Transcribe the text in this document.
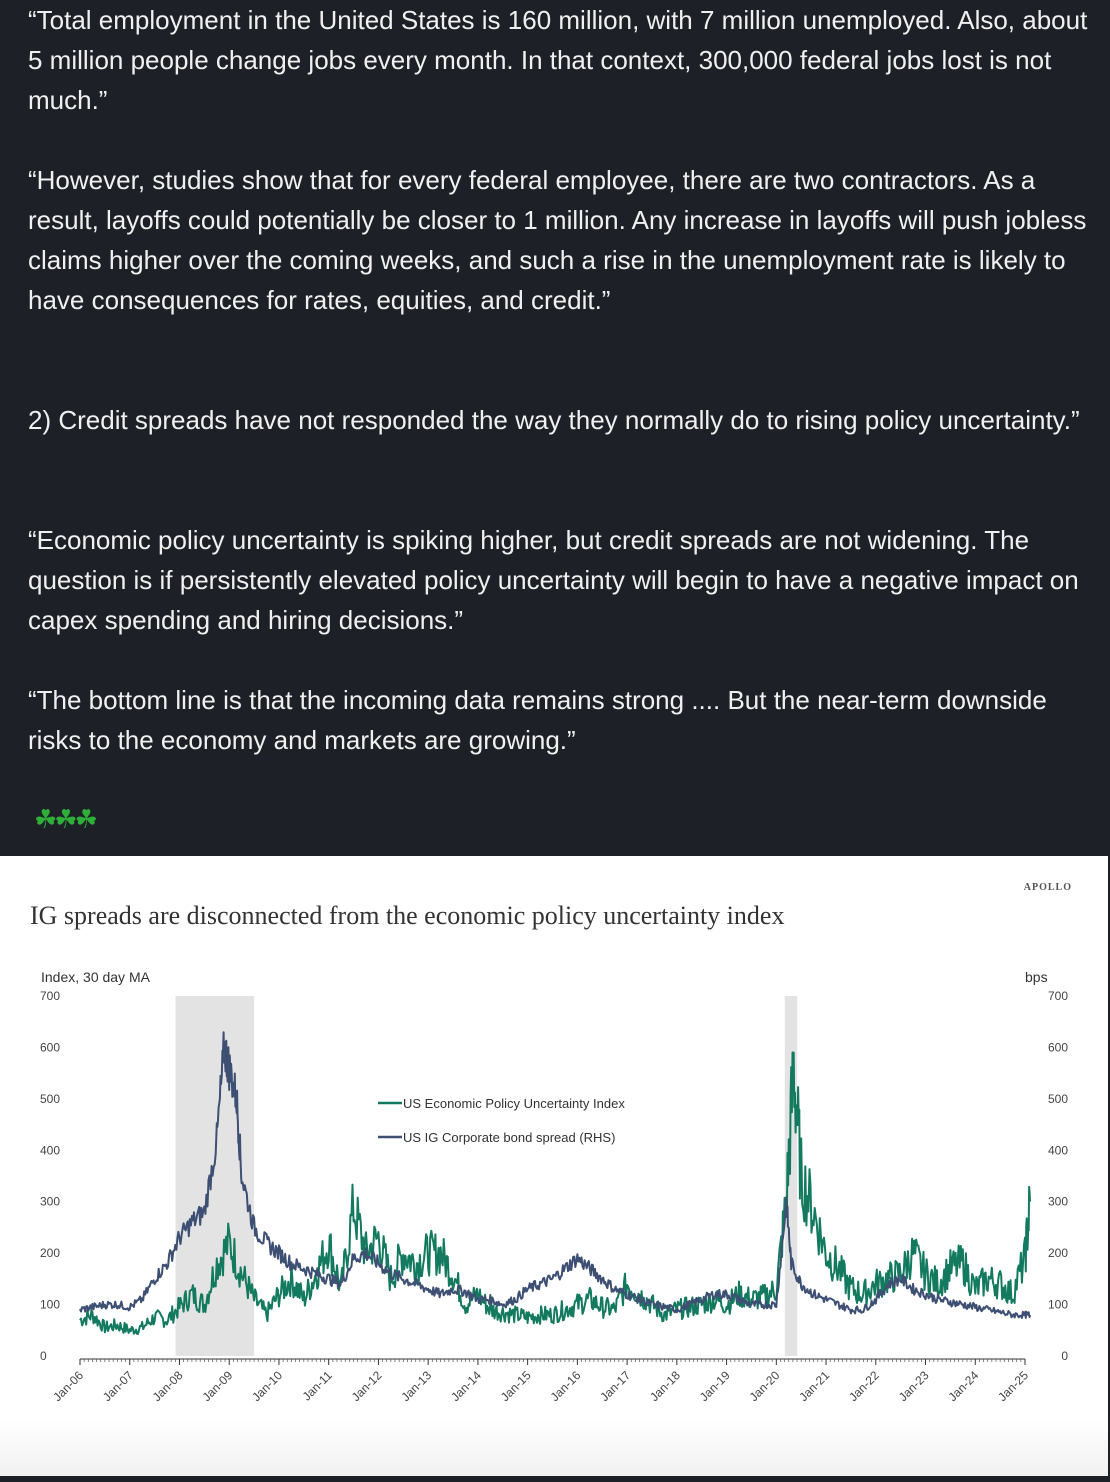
“Total employment in the United States is 160 million, with 7 million unemployed. Also, about 5 million people change jobs every month. In that context, 300,000 federal jobs lost is not much.”

“However, studies show that for every federal employee, there are two contractors. As a result, layoffs could potentially be closer to 1 million. Any increase in layoffs will push jobless claims higher over the coming weeks, and such a rise in the unemployment rate is likely to have consequences for rates, equities, and credit.”

2) Credit spreads have not responded the way they normally do to rising policy uncertainty.”

“Economic policy uncertainty is spiking higher, but credit spreads are not widening. The question is if persistently elevated policy uncertainty will begin to have a negative impact on capex spending and hiring decisions.”

“The bottom line is that the incoming data remains strong .... But the near-term downside risks to the economy and markets are growing.”

☘☘☘
APOLLO
IG spreads are disconnected from the economic policy uncertainty index
Index, 30 day MA	bps
0	0
100	100
200	200
300	300
400	400
500	500
600	600
700	700
Jan-06 Jan-07 Jan-08 Jan-09 Jan-10 Jan-11 Jan-12 Jan-13 Jan-14 Jan-15 Jan-16 Jan-17 Jan-18 Jan-19 Jan-20 Jan-21 Jan-22 Jan-23 Jan-24 Jan-25
US Economic Policy Uncertainty Index
US IG Corporate bond spread (RHS)
